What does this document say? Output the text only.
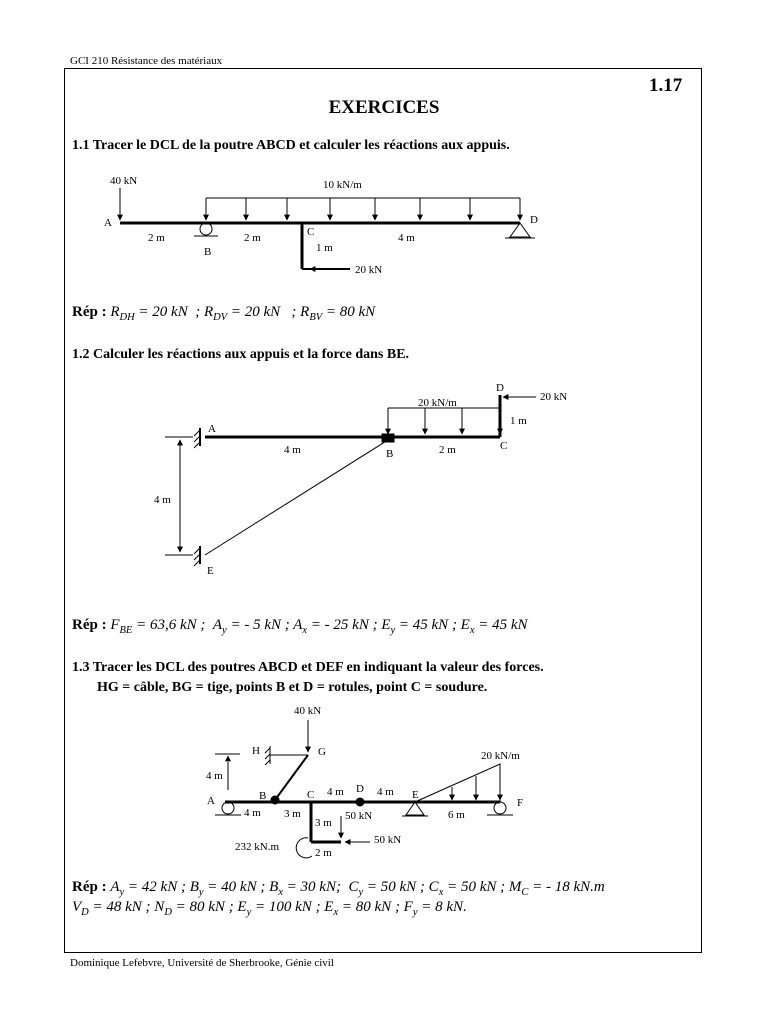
GCI 210 Résistance des matériaux
1.17
EXERCICES
1.1 Tracer le DCL de la poutre ABCD et calculer les réactions aux appuis.
40 kN	10 kN/m
A
B
C
D
2 m	2 m	4 m
1 m
20 kN
Rép : $R_{DH} = 20$ kN  ; $R_{DV} = 20$ kN   ; $R_{BV} = 80$ kN
1.2 Calculer les réactions aux appuis et la force dans BE.
A
B
C
D
E
20 kN/m	20 kN
4 m	2 m
1 m
4 m
Rép : $F_{BE} = 63,6$ kN ;  $A_y$ = - 5 kN ; $A_x$ = - 25 kN ; $E_y = 45$ kN ; $E_x = 45$ kN
1.3 Tracer les DCL des poutres ABCD et DEF en indiquant la valeur des forces.
HG = câble, BG = tige, points B et D = rotules, point C = soudure.
40 kN
H	G
4 m
A	B	C	D	E
F
20 kN/m
4 m 3 m
4 m	4 m
6 m
3 m
50 kN
50 kN
232 kN.m	2 m
Rép : $A_y = 42$ kN ; $B_y = 40$ kN ; $B_x = 30$ kN;  $C_y = 50$ kN ; $C_x = 50$ kN ; $M_C$ = - 18 kN.m
$V_D = 48$ kN ; $N_D = 80$ kN ; $E_y = 100$ kN ; $E_x = 80$ kN ; $F_y = 8$ kN.
Dominique Lefebvre, Université de Sherbrooke, Génie civil
